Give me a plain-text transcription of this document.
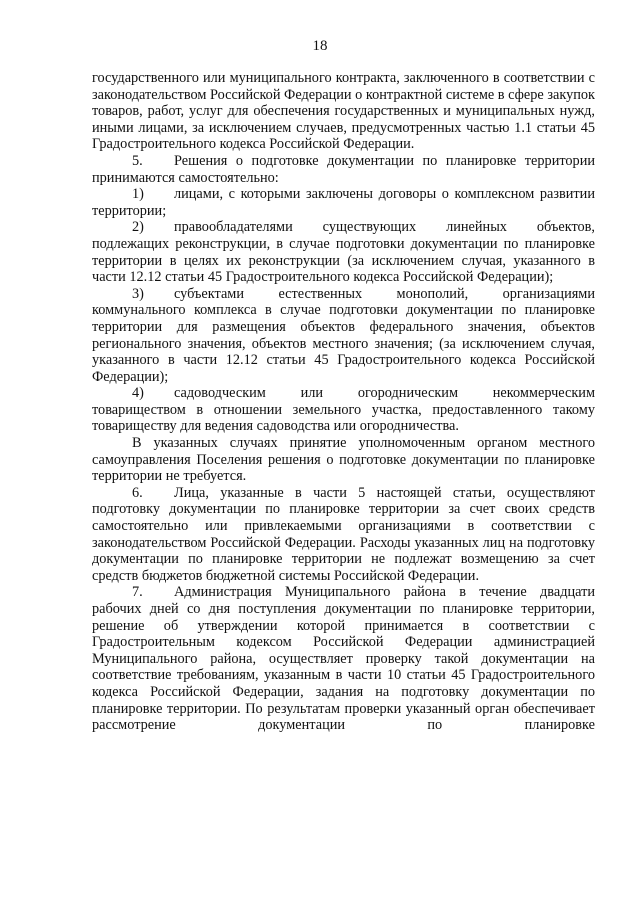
18

государственного или муниципального контракта, заключенного в соответствии с законодательством Российской Федерации о контрактной системе в сфере закупок товаров, работ, услуг для обеспечения государственных и муниципальных нужд, иными лицами, за исключением случаев, предусмотренных частью 1.1 статьи 45 Градостроительного кодекса Российской Федерации.

5. Решения о подготовке документации по планировке территории принимаются самостоятельно:

1) лицами, с которыми заключены договоры о комплексном развитии территории;

2) правообладателями существующих линейных объектов, подлежащих реконструкции, в случае подготовки документации по планировке территории в целях их реконструкции (за исключением случая, указанного в части 12.12 статьи 45 Градостроительного кодекса Российской Федерации);

3) субъектами естественных монополий, организациями коммунального комплекса в случае подготовки документации по планировке территории для размещения объектов федерального значения, объектов регионального значения, объектов местного значения; (за исключением случая, указанного в части 12.12 статьи 45 Градостроительного кодекса Российской Федерации);

4) садоводческим или огородническим некоммерческим товариществом в отношении земельного участка, предоставленного такому товариществу для ведения садоводства или огородничества.

В указанных случаях принятие уполномоченным органом местного самоуправления Поселения решения о подготовке документации по планировке территории не требуется.

6. Лица, указанные в части 5 настоящей статьи, осуществляют подготовку документации по планировке территории за счет своих средств самостоятельно или привлекаемыми организациями в соответствии с законодательством Российской Федерации. Расходы указанных лиц на подготовку документации по планировке территории не подлежат возмещению за счет средств бюджетов бюджетной системы Российской Федерации.

7. Администрация Муниципального района в течение двадцати рабочих дней со дня поступления документации по планировке территории, решение об утверждении которой принимается в соответствии с Градостроительным кодексом Российской Федерации администрацией Муниципального района, осуществляет проверку такой документации на соответствие требованиям, указанным в части 10 статьи 45 Градостроительного кодекса Российской Федерации, задания на подготовку документации по планировке территории. По результатам проверки указанный орган обеспечивает рассмотрение документации по планировке
